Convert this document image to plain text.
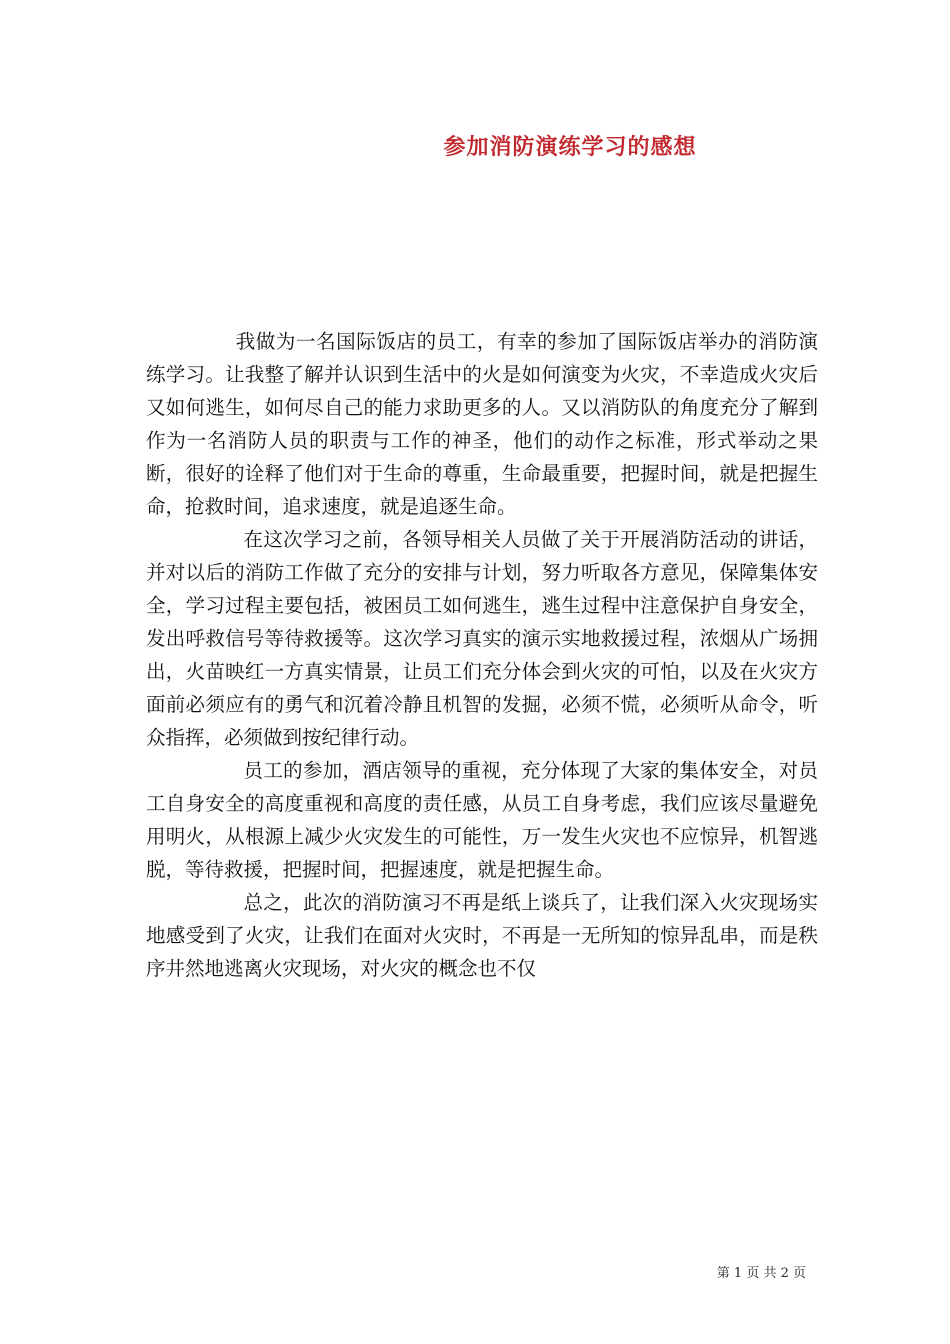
参加消防演练学习的感想

我做为一名国际饭店的员工，有幸的参加了国际饭店举办的消防演练学习。让我整了解并认识到生活中的火是如何演变为火灾，不幸造成火灾后又如何逃生，如何尽自己的能力求助更多的人。又以消防队的角度充分了解到作为一名消防人员的职责与工作的神圣，他们的动作之标准，形式举动之果断，很好的诠释了他们对于生命的尊重，生命最重要，把握时间，就是把握生命，抢救时间，追求速度，就是追逐生命。

在这次学习之前，各领导相关人员做了关于开展消防活动的讲话，并对以后的消防工作做了充分的安排与计划，努力听取各方意见，保障集体安全，学习过程主要包括，被困员工如何逃生，逃生过程中注意保护自身安全，发出呼救信号等待救援等。这次学习真实的演示实地救援过程，浓烟从广场拥出，火苗映红一方真实情景，让员工们充分体会到火灾的可怕，以及在火灾方面前必须应有的勇气和沉着冷静且机智的发掘，必须不慌，必须听从命令，听众指挥，必须做到按纪律行动。

员工的参加，酒店领导的重视，充分体现了大家的集体安全，对员工自身安全的高度重视和高度的责任感，从员工自身考虑，我们应该尽量避免用明火，从根源上减少火灾发生的可能性，万一发生火灾也不应惊异，机智逃脱，等待救援，把握时间，把握速度，就是把握生命。

总之，此次的消防演习不再是纸上谈兵了，让我们深入火灾现场实地感受到了火灾，让我们在面对火灾时，不再是一无所知的惊异乱串，而是秩序井然地逃离火灾现场，对火灾的概念也不仅

第 1 页 共 2 页
